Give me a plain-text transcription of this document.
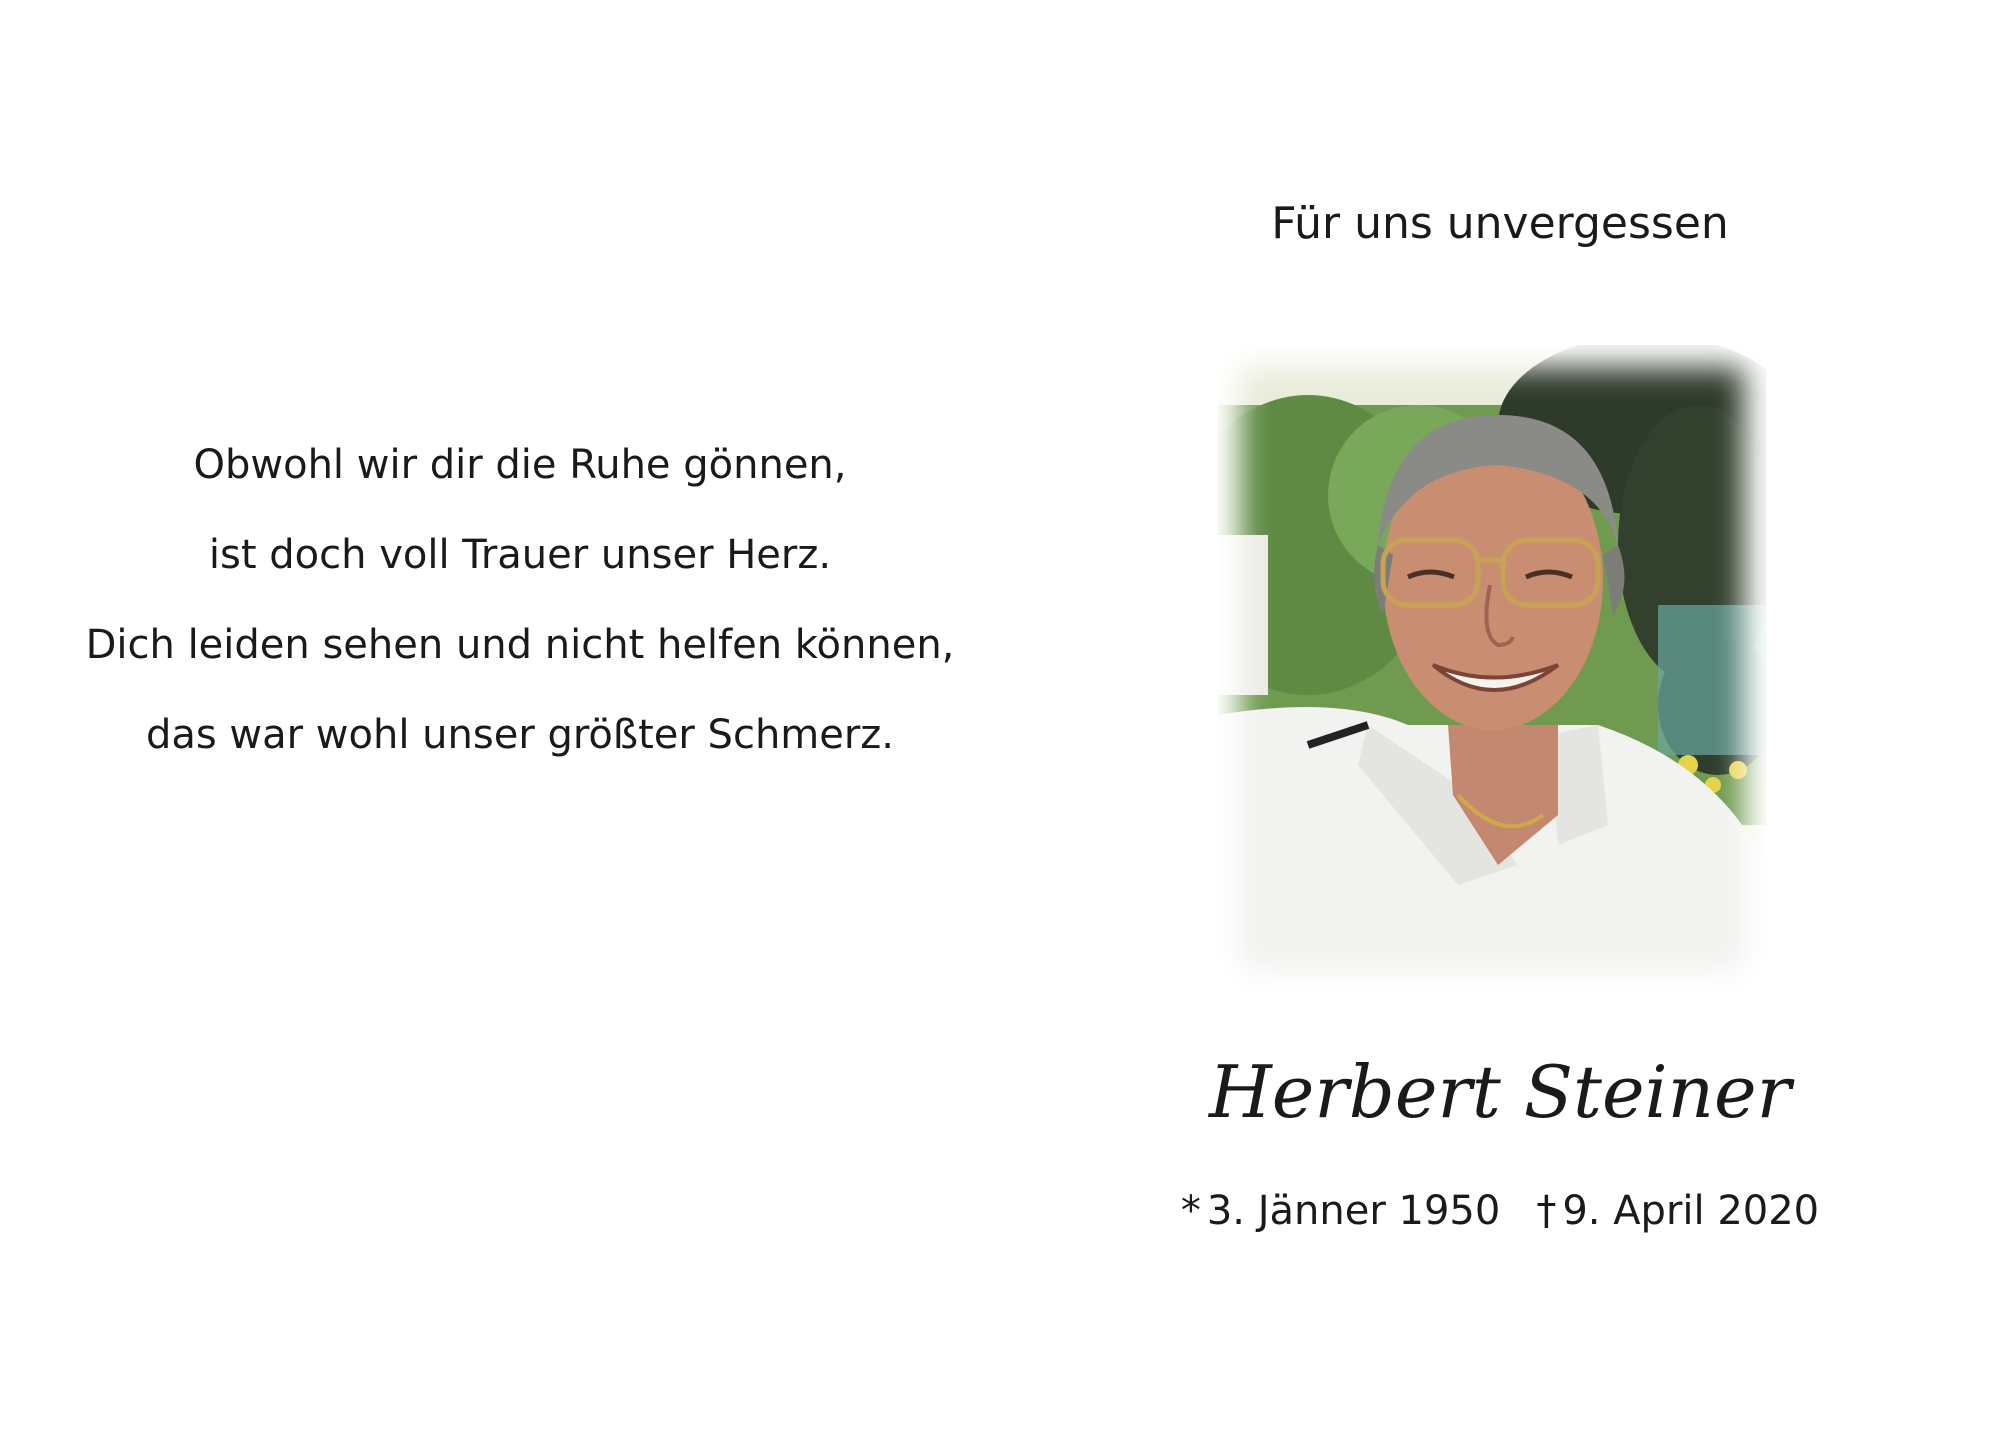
Obwohl wir dir die Ruhe gönnen,
ist doch voll Trauer unser Herz.
Dich leiden sehen und nicht helfen können,
das war wohl unser größter Schmerz.
Für uns unvergessen
Herbert Steiner
* 3. Jänner 1950 † 9. April 2020
